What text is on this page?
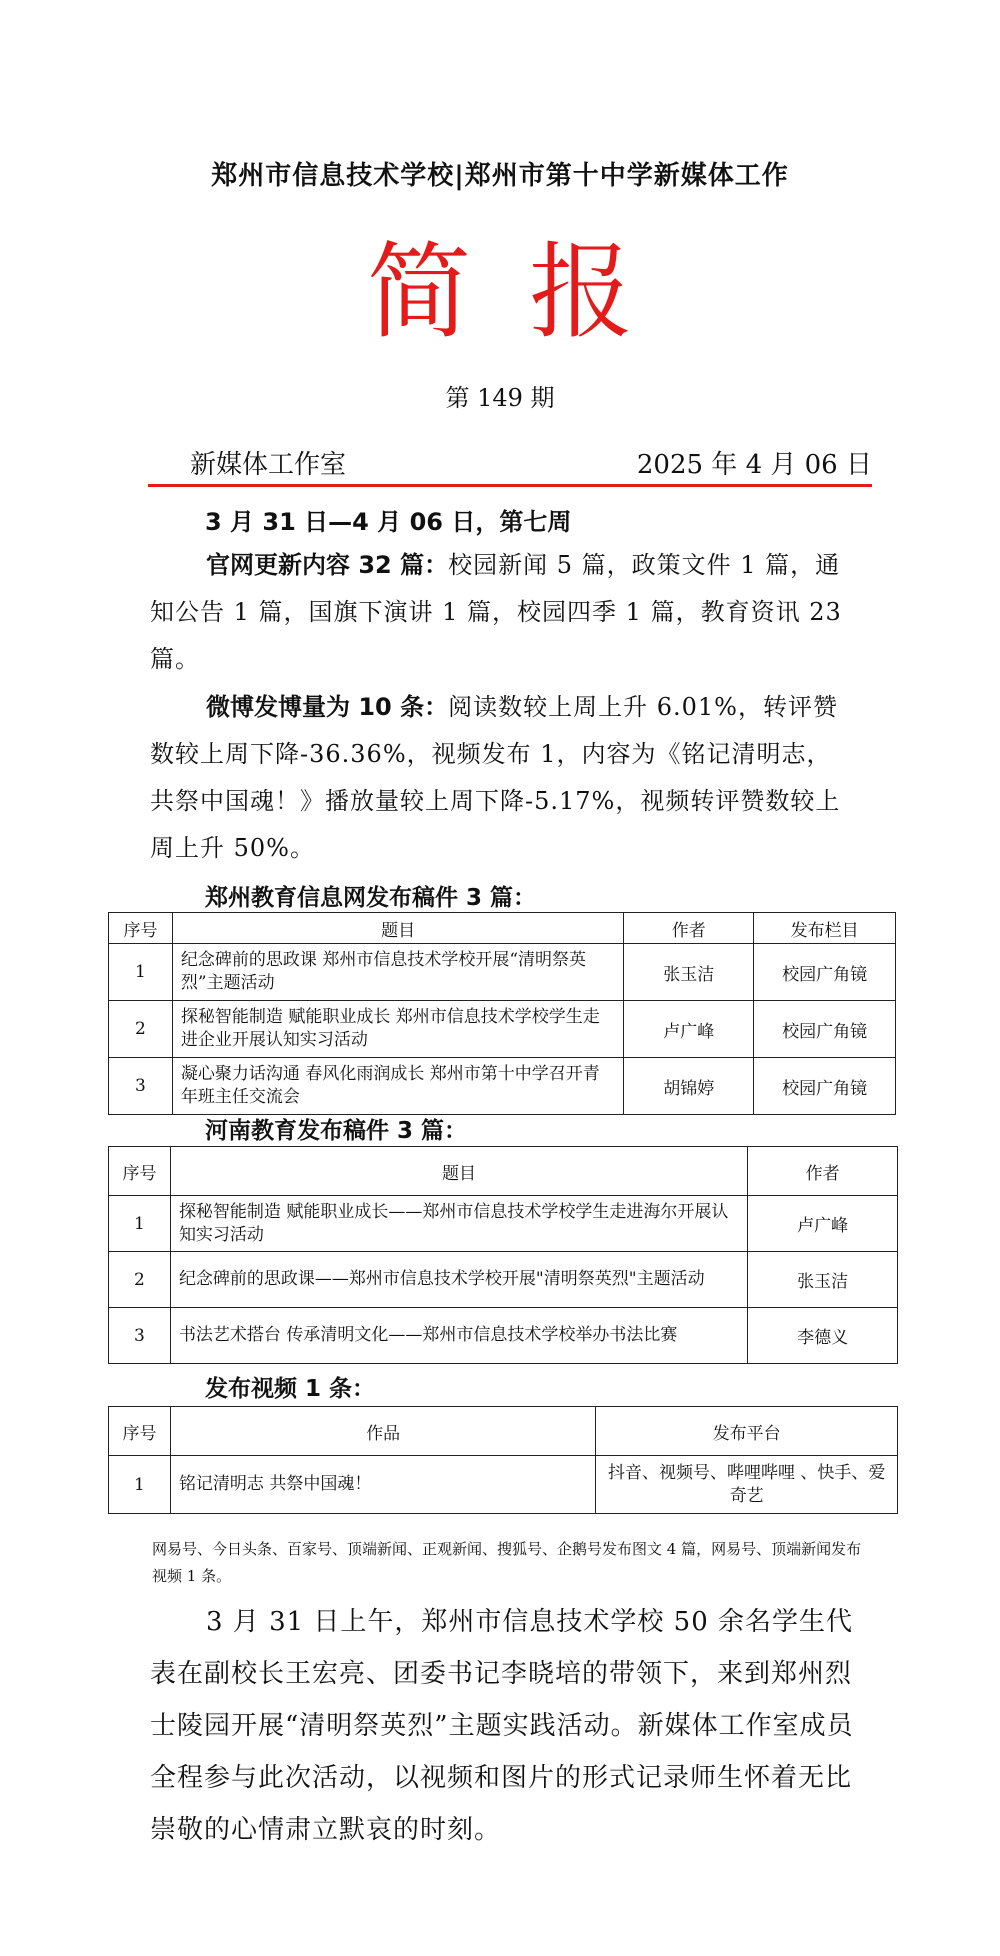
郑州市信息技术学校|郑州市第十中学新媒体工作
简报
第 149 期
新媒体工作室	2025 年 4 月 06 日
3 月 31 日—4 月 06 日，第七周
官网更新内容 32 篇：校园新闻 5 篇，政策文件 1 篇，通知公告 1 篇，国旗下演讲 1 篇，校园四季 1 篇，教育资讯 23 篇。
微博发博量为 10 条：阅读数较上周上升 6.01%，转评赞数较上周下降-36.36%，视频发布 1，内容为《铭记清明志，共祭中国魂！》播放量较上周下降-5.17%，视频转评赞数较上周上升 50%。
郑州教育信息网发布稿件 3 篇：
序号	题目	作者	发布栏目
1	纪念碑前的思政课 郑州市信息技术学校开展“清明祭英烈”主题活动	张玉洁	校园广角镜
2	探秘智能制造 赋能职业成长 郑州市信息技术学校学生走进企业开展认知实习活动	卢广峰	校园广角镜
3	凝心聚力话沟通 春风化雨润成长 郑州市第十中学召开青年班主任交流会	胡锦婷	校园广角镜
河南教育发布稿件 3 篇：
序号	题目	作者
1	探秘智能制造 赋能职业成长——郑州市信息技术学校学生走进海尔开展认知实习活动	卢广峰
2	纪念碑前的思政课——郑州市信息技术学校开展"清明祭英烈"主题活动	张玉洁
3	书法艺术搭台 传承清明文化——郑州市信息技术学校举办书法比赛	李德义
发布视频 1 条：
序号	作品	发布平台
1	铭记清明志 共祭中国魂！	抖音、视频号、哔哩哔哩 、快手、爱奇艺
网易号、今日头条、百家号、顶端新闻、正观新闻、搜狐号、企鹅号发布图文 4 篇，网易号、顶端新闻发布视频 1 条。
3 月 31 日上午，郑州市信息技术学校 50 余名学生代表在副校长王宏亮、团委书记李晓培的带领下，来到郑州烈士陵园开展“清明祭英烈”主题实践活动。新媒体工作室成员全程参与此次活动，以视频和图片的形式记录师生怀着无比崇敬的心情肃立默哀的时刻。
